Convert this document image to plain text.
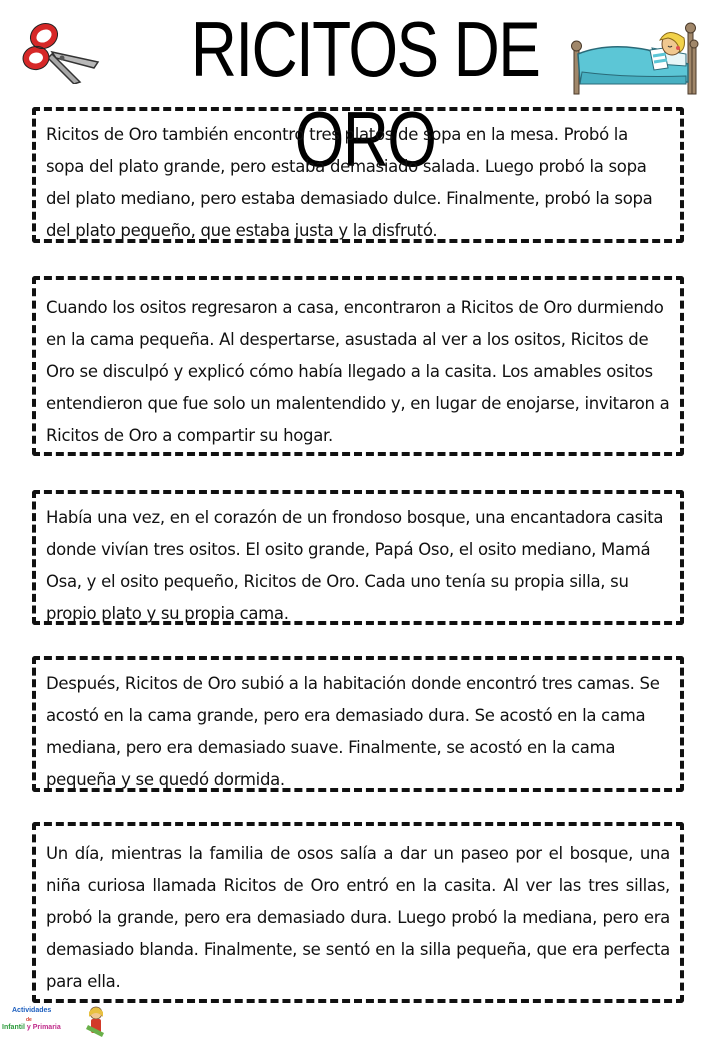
RICITOS DE ORO

Ricitos de Oro también encontró tres platos de sopa en la mesa. Probó la sopa del plato grande, pero estaba demasiado salada. Luego probó la sopa del plato mediano, pero estaba demasiado dulce. Finalmente, probó la sopa del plato pequeño, que estaba justa y la disfrutó.

Cuando los ositos regresaron a casa, encontraron a Ricitos de Oro durmiendo en la cama pequeña. Al despertarse, asustada al ver a los ositos, Ricitos de Oro se disculpó y explicó cómo había llegado a la casita. Los amables ositos entendieron que fue solo un malentendido y, en lugar de enojarse, invitaron a Ricitos de Oro a compartir su hogar.

Había una vez, en el corazón de un frondoso bosque, una encantadora casita donde vivían tres ositos. El osito grande, Papá Oso, el osito mediano, Mamá Osa, y el osito pequeño, Ricitos de Oro. Cada uno tenía su propia silla, su propio plato y su propia cama.

Después, Ricitos de Oro subió a la habitación donde encontró tres camas. Se acostó en la cama grande, pero era demasiado dura. Se acostó en la cama mediana, pero era demasiado suave. Finalmente, se acostó en la cama pequeña y se quedó dormida.

Un día, mientras la familia de osos salía a dar un paseo por el bosque, una niña curiosa llamada Ricitos de Oro entró en la casita. Al ver las tres sillas, probó la grande, pero era demasiado dura. Luego probó la mediana, pero era demasiado blanda. Finalmente, se sentó en la silla pequeña, que era perfecta para ella.

Actividades
de
Infantil y Primaria
